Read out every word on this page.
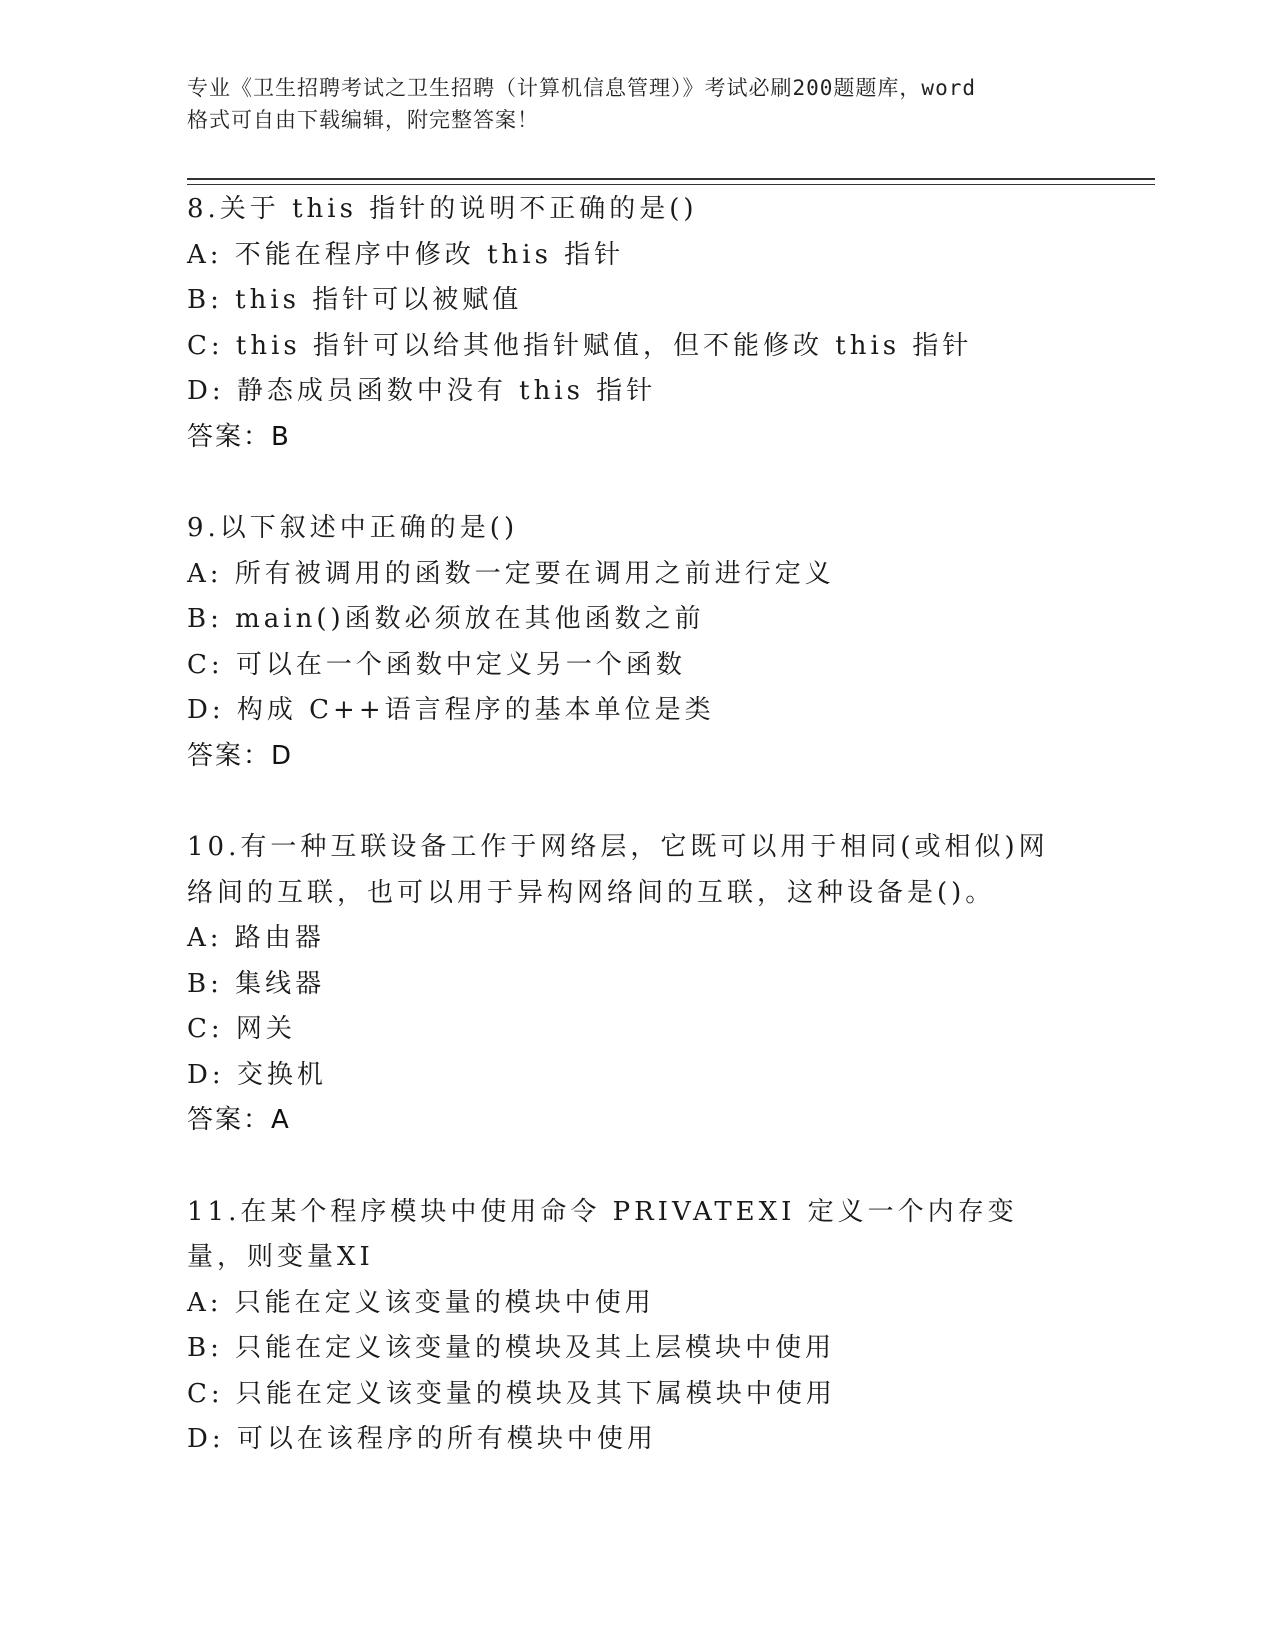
专业《卫生招聘考试之卫生招聘（计算机信息管理）》考试必刷200题题库，word
格式可自由下载编辑，附完整答案！
8.关于 this 指针的说明不正确的是()
A: 不能在程序中修改 this 指针
B: this 指针可以被赋值
C: this 指针可以给其他指针赋值，但不能修改 this 指针
D: 静态成员函数中没有 this 指针
答案：B
9.以下叙述中正确的是()
A: 所有被调用的函数一定要在调用之前进行定义
B: main()函数必须放在其他函数之前
C: 可以在一个函数中定义另一个函数
D: 构成 C++语言程序的基本单位是类
答案：D
10.有一种互联设备工作于网络层，它既可以用于相同(或相似)网络间的互联，也可以用于异构网络间的互联，这种设备是()。
A: 路由器
B: 集线器
C: 网关
D: 交换机
答案：A
11.在某个程序模块中使用命令 PRIVATEXI 定义一个内存变量，则变量XI
A: 只能在定义该变量的模块中使用
B: 只能在定义该变量的模块及其上层模块中使用
C: 只能在定义该变量的模块及其下属模块中使用
D: 可以在该程序的所有模块中使用
